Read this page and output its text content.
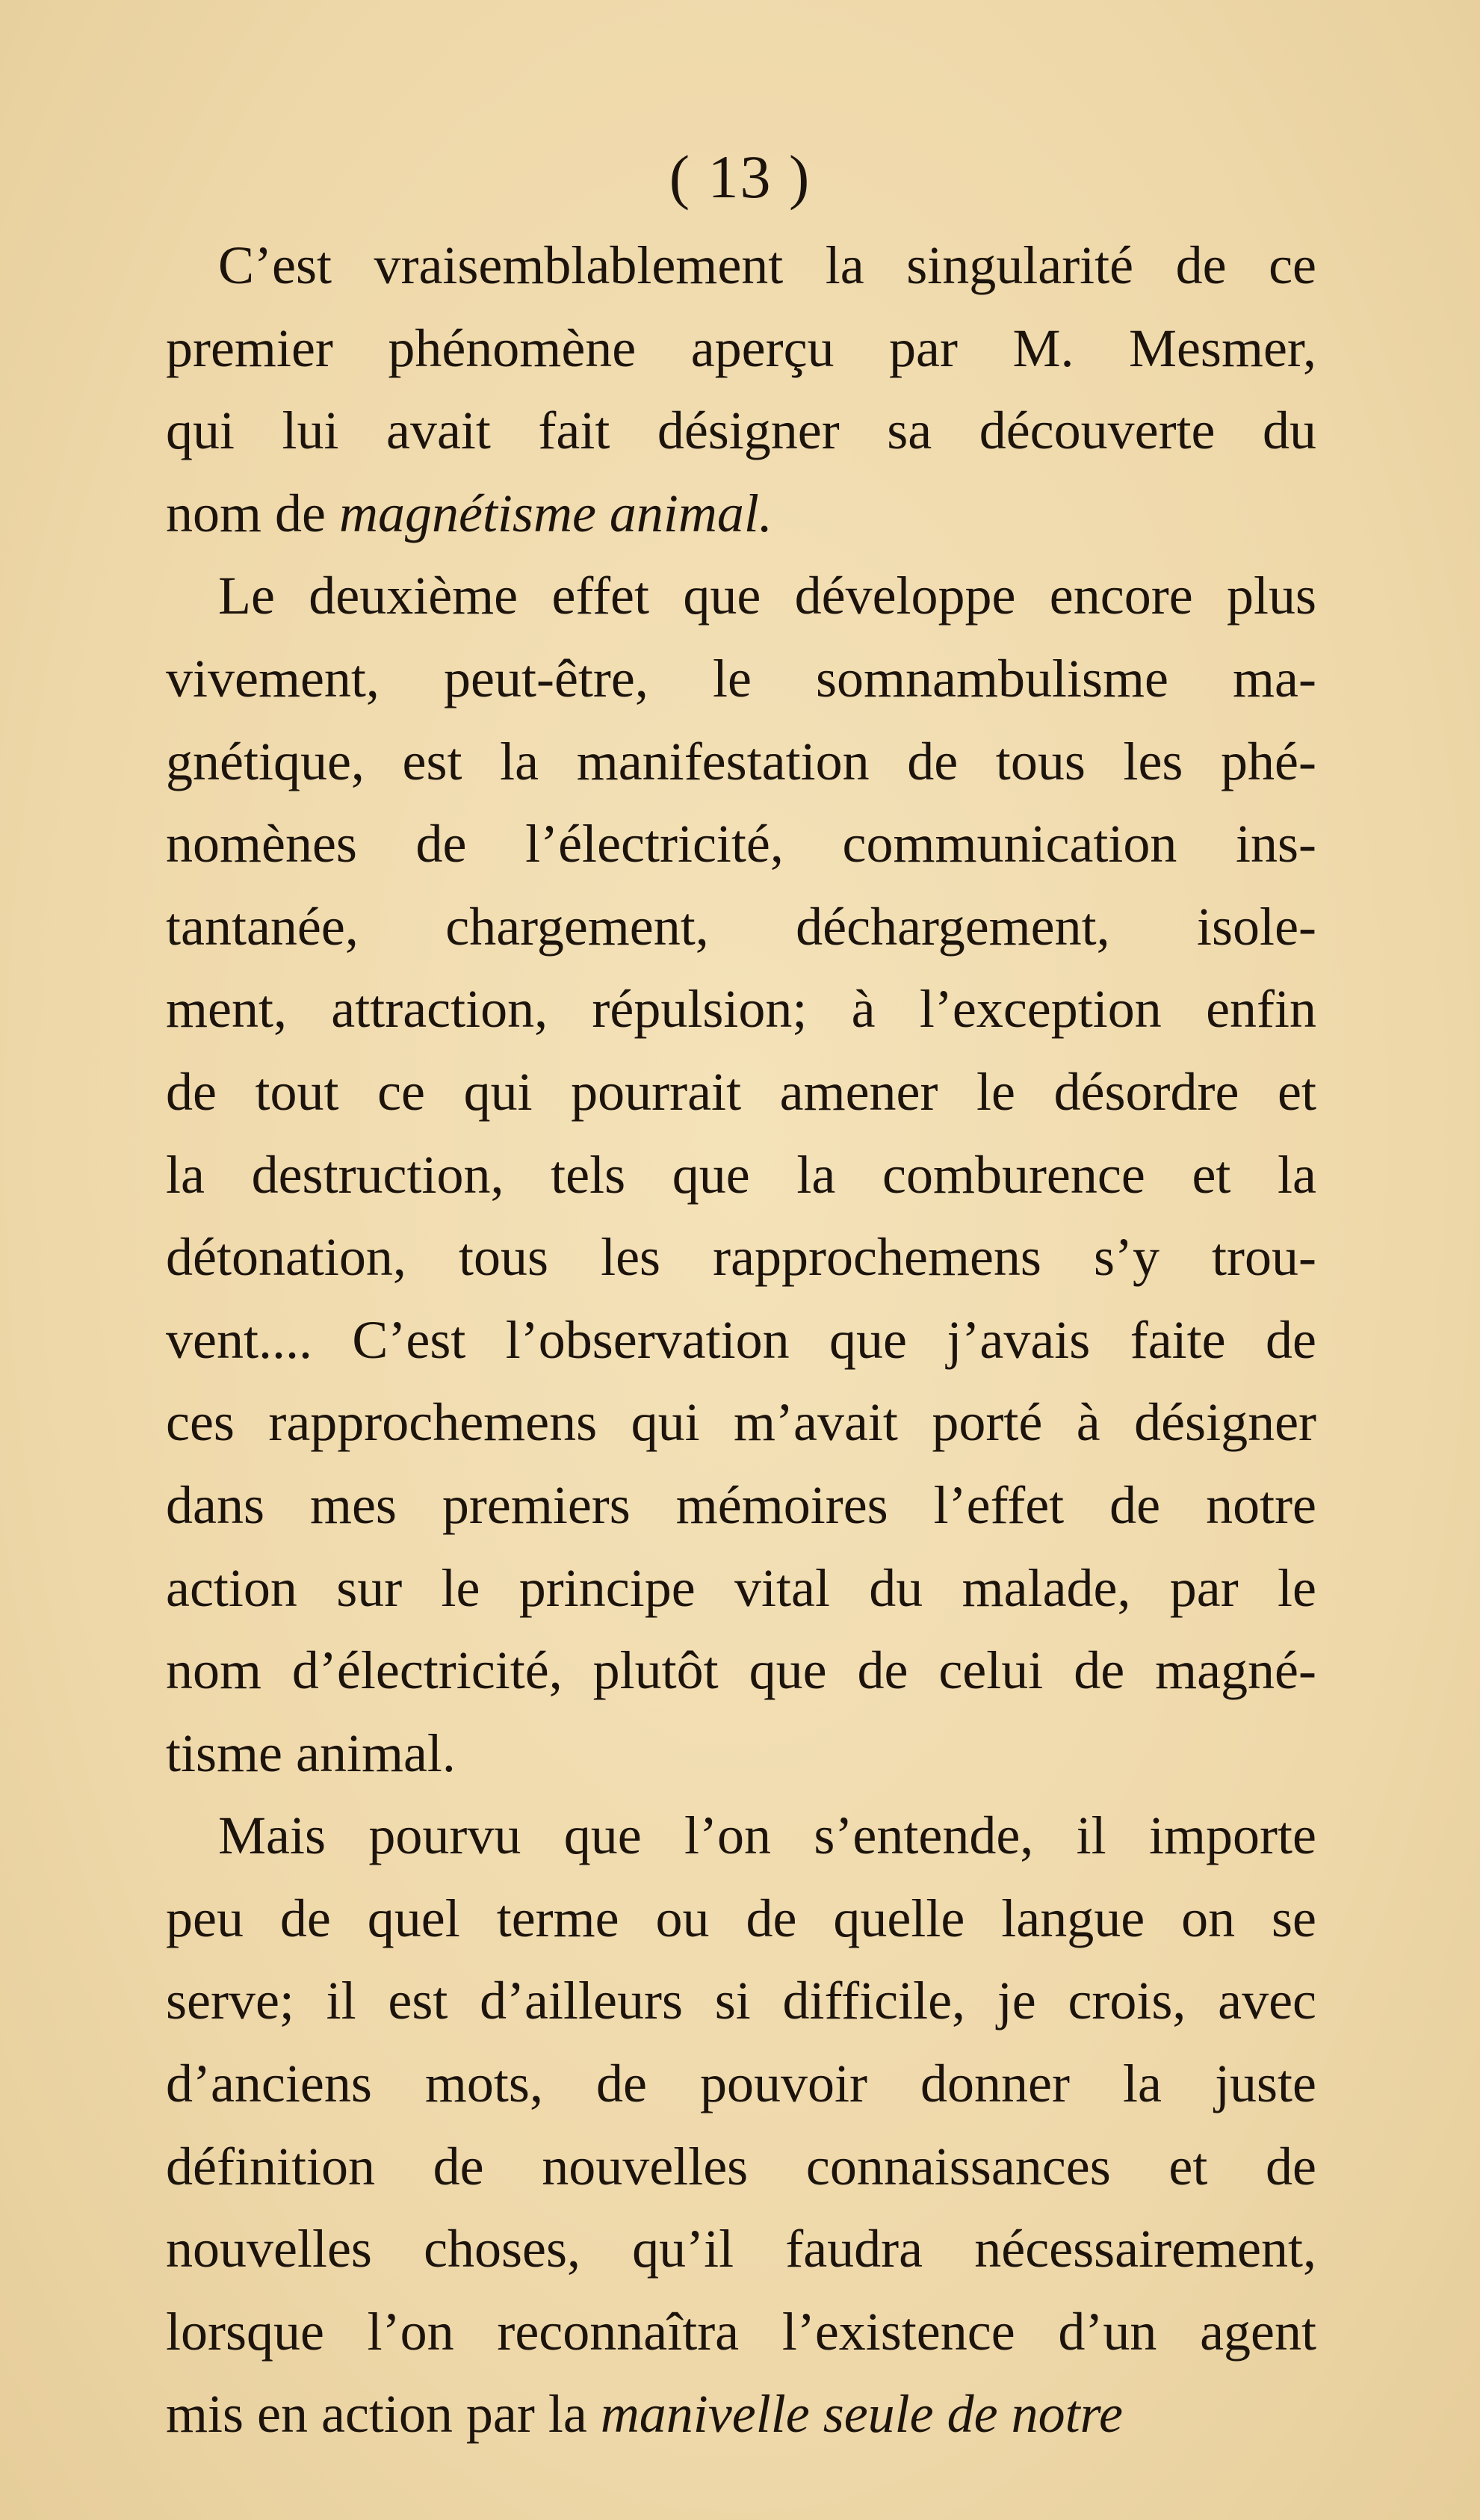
( 13 )
C’est vraisemblablement la singularité de ce
premier phénomène aperçu par M. Mesmer,
qui lui avait fait désigner sa découverte du
nom de magnétisme animal.
Le deuxième effet que développe encore plus
vivement, peut-être, le somnambulisme ma-
gnétique, est la manifestation de tous les phé-
nomènes de l’électricité, communication ins-
tantanée, chargement, déchargement, isole-
ment, attraction, répulsion; à l’exception enfin
de tout ce qui pourrait amener le désordre et
la destruction, tels que la comburence et la
détonation, tous les rapprochemens s’y trou-
vent.... C’est l’observation que j’avais faite de
ces rapprochemens qui m’avait porté à désigner
dans mes premiers mémoires l’effet de notre
action sur le principe vital du malade, par le
nom d’électricité, plutôt que de celui de magné-
tisme animal.
Mais pourvu que l’on s’entende, il importe
peu de quel terme ou de quelle langue on se
serve; il est d’ailleurs si difficile, je crois, avec
d’anciens mots, de pouvoir donner la juste
définition de nouvelles connaissances et de
nouvelles choses, qu’il faudra nécessairement,
lorsque l’on reconnaîtra l’existence d’un agent
mis en action par la manivelle seule de notre
